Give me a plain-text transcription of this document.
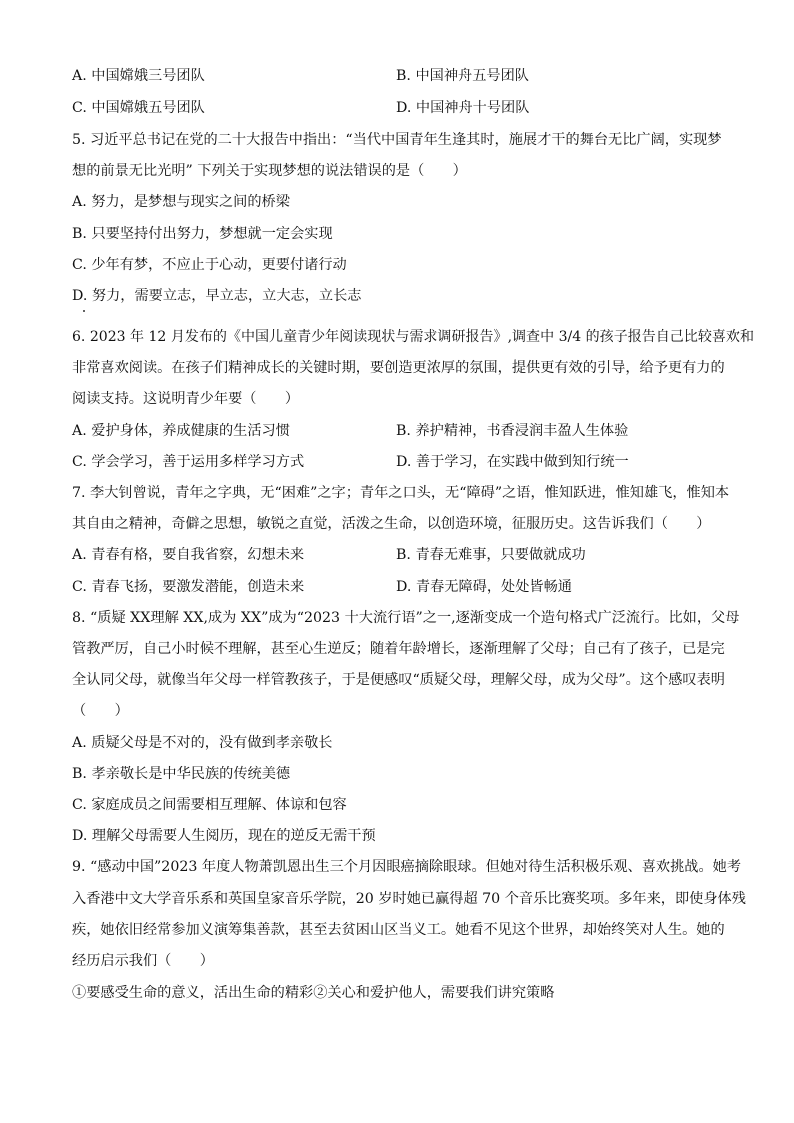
A. 中国嫦娥三号团队	B. 中国神舟五号团队
C. 中国嫦娥五号团队	D. 中国神舟十号团队
5. 习近平总书记在党的二十大报告中指出：“当代中国青年生逢其时，施展才干的舞台无比广阔，实现梦
想的前景无比光明” 下列关于实现梦想的说法错误的是（　　）
A. 努力，是梦想与现实之间的桥梁
B. 只要坚持付出努力，梦想就一定会实现
C. 少年有梦，不应止于心动，更要付诸行动
D. 努力，需要立志，早立志，立大志，立长志
6. 2023 年 12 月发布的《中国儿童青少年阅读现状与需求调研报告》,调查中 3/4 的孩子报告自己比较喜欢和
非常喜欢阅读。在孩子们精神成长的关键时期，要创造更浓厚的氛围，提供更有效的引导，给予更有力的
阅读支持。这说明青少年要（　　）
A. 爱护身体，养成健康的生活习惯	B. 养护精神，书香浸润丰盈人生体验
C. 学会学习，善于运用多样学习方式	D. 善于学习，在实践中做到知行统一
7. 李大钊曾说，青年之字典，无“困难”之字；青年之口头，无“障碍”之语，惟知跃进，惟知雄飞，惟知本
其自由之精神，奇僻之思想，敏锐之直觉，活泼之生命，以创造环境，征服历史。这告诉我们（　　）
A. 青春有格，要自我省察，幻想未来	B. 青春无难事，只要做就成功
C. 青春飞扬，要激发潜能，创造未来	D. 青春无障碍，处处皆畅通
8. “质疑 XX理解 XX,成为 XX”成为“2023 十大流行语”之一,逐渐变成一个造句格式广泛流行。比如，父母
管教严厉，自己小时候不理解，甚至心生逆反；随着年龄增长，逐渐理解了父母；自己有了孩子，已是完
全认同父母，就像当年父母一样管教孩子，于是便感叹“质疑父母，理解父母，成为父母”。这个感叹表明
（　　）
A. 质疑父母是不对的，没有做到孝亲敬长
B. 孝亲敬长是中华民族的传统美德
C. 家庭成员之间需要相互理解、体谅和包容
D. 理解父母需要人生阅历，现在的逆反无需干预
9. “感动中国”2023 年度人物萧凯恩出生三个月因眼癌摘除眼球。但她对待生活积极乐观、喜欢挑战。她考
入香港中文大学音乐系和英国皇家音乐学院，20 岁时她已赢得超 70 个音乐比赛奖项。多年来，即使身体残
疾，她依旧经常参加义演筹集善款，甚至去贫困山区当义工。她看不见这个世界，却始终笑对人生。她的
经历启示我们（　　）
①要感受生命的意义，活出生命的精彩②关心和爱护他人，需要我们讲究策略
